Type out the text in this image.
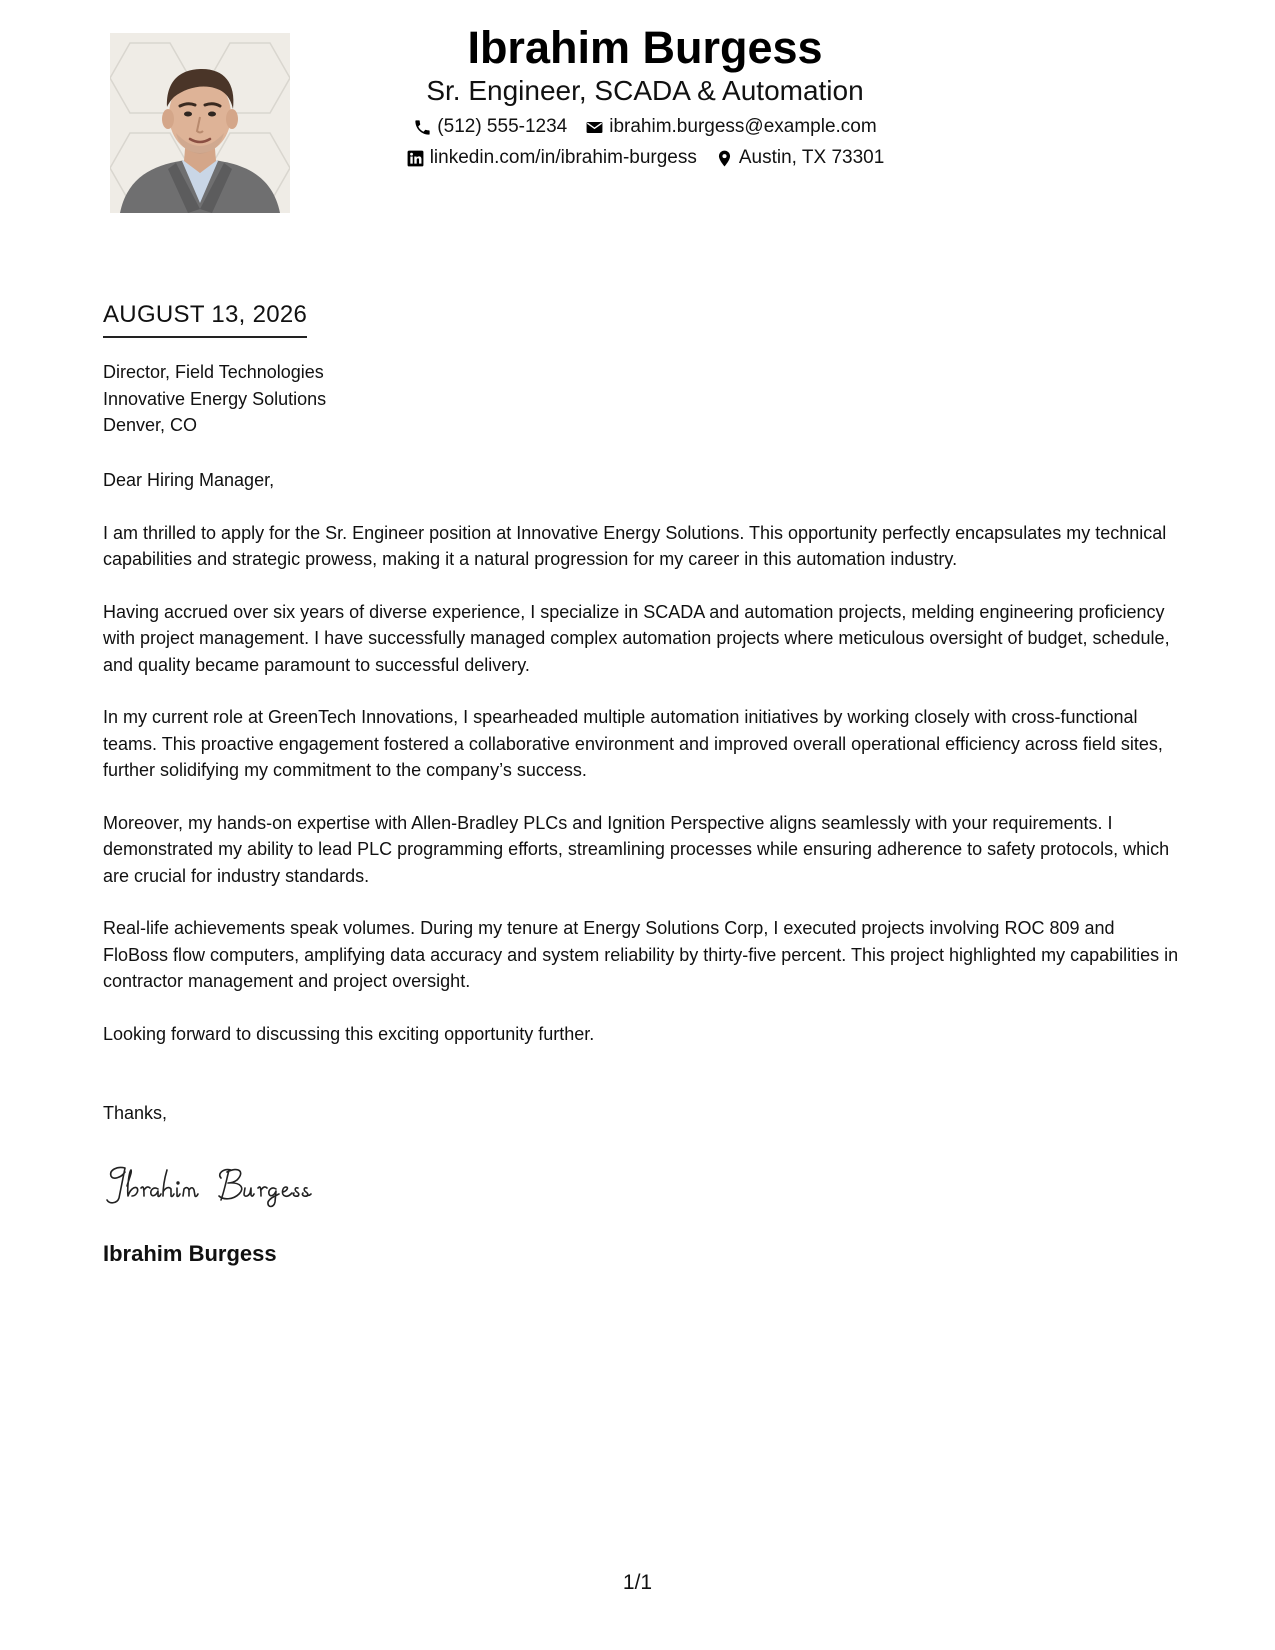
Ibrahim Burgess
Sr. Engineer, SCADA & Automation
(512) 555-1234 ibrahim.burgess@example.com
linkedin.com/in/ibrahim-burgess Austin, TX 73301
AUGUST 13, 2026
Director, Field Technologies
Innovative Energy Solutions
Denver, CO

Dear Hiring Manager,

I am thrilled to apply for the Sr. Engineer position at Innovative Energy Solutions. This opportunity perfectly encapsulates my technical capabilities and strategic prowess, making it a natural progression for my career in this automation industry.

Having accrued over six years of diverse experience, I specialize in SCADA and automation projects, melding engineering proficiency with project management. I have successfully managed complex automation projects where meticulous oversight of budget, schedule, and quality became paramount to successful delivery.

In my current role at GreenTech Innovations, I spearheaded multiple automation initiatives by working closely with cross-functional teams. This proactive engagement fostered a collaborative environment and improved overall operational efficiency across field sites, further solidifying my commitment to the company’s success.

Moreover, my hands-on expertise with Allen-Bradley PLCs and Ignition Perspective aligns seamlessly with your requirements. I demonstrated my ability to lead PLC programming efforts, streamlining processes while ensuring adherence to safety protocols, which are crucial for industry standards.

Real-life achievements speak volumes. During my tenure at Energy Solutions Corp, I executed projects involving ROC 809 and FloBoss flow computers, amplifying data accuracy and system reliability by thirty-five percent. This project highlighted my capabilities in contractor management and project oversight.

Looking forward to discussing this exciting opportunity further.

Thanks,
Ibrahim Burgess
1/1
